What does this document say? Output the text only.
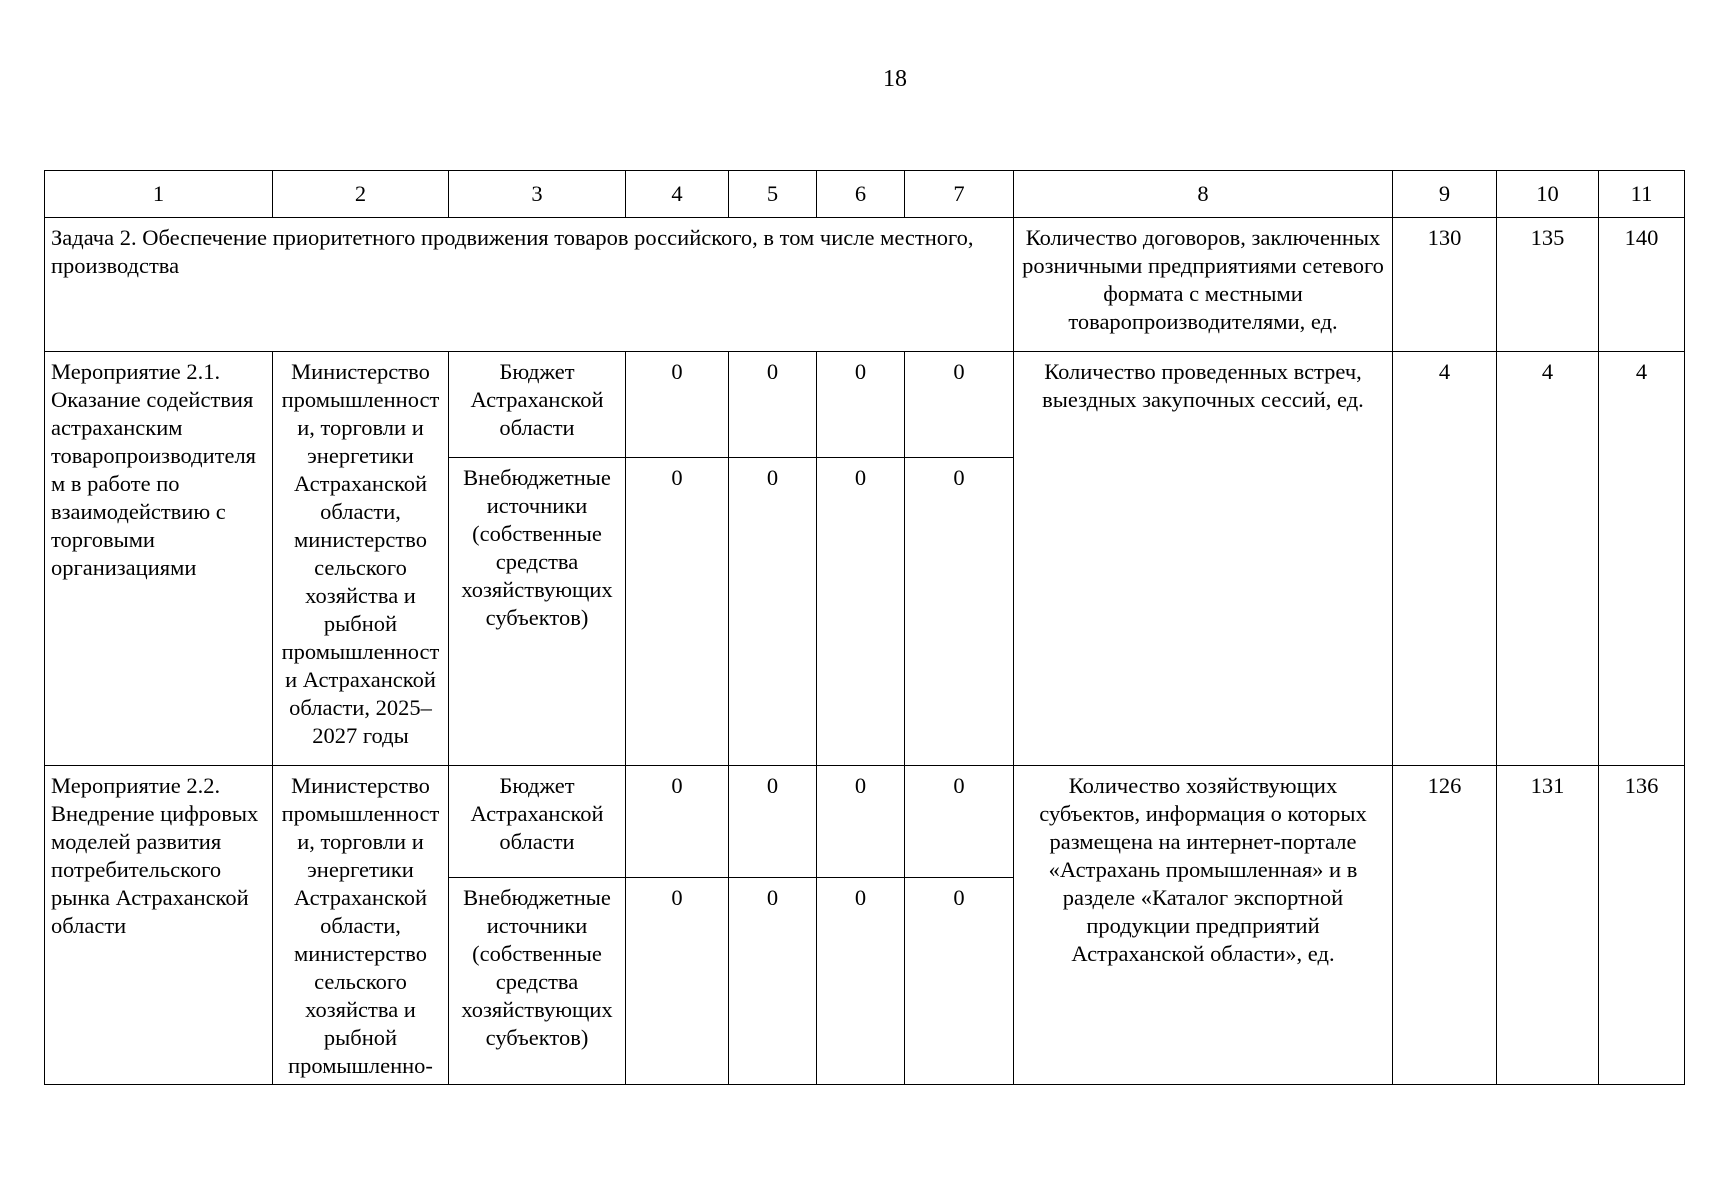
18
1	2	3	4	5	6	7	8	9	10	11
Задача 2. Обеспечение приоритетного продвижения товаров российского, в том числе местного, производства							Количество договоров, заключенных розничными предприятиями сетевого формата с местными товаропроизводителями, ед.	130	135	140
Мероприятие 2.1. Оказание содействия астраханским товаропроизводителям в работе по взаимодействию с торговыми организациями	Министерство промышленности, торговли и энергетики Астраханской области, министерство сельского хозяйства и рыбной промышленности Астраханской области, 2025–2027 годы	Бюджет Астраханской области	0	0	0	0	Количество проведенных встреч, выездных закупочных сессий, ед.	4	4	4
		Внебюджетные источники (собственные средства хозяйствующих субъектов)	0	0	0	0				
Мероприятие 2.2. Внедрение цифровых моделей развития потребительского рынка Астраханской области	Министерство промышленности, торговли и энергетики Астраханской области, министерство сельского хозяйства и рыбной промышленно-	Бюджет Астраханской области	0	0	0	0	Количество хозяйствующих субъектов, информация о которых размещена на интернет-портале «Астрахань промышленная» и в разделе «Каталог экспортной продукции предприятий Астраханской области», ед.	126	131	136
		Внебюджетные источники (собственные средства хозяйствующих субъектов)	0	0	0	0				
